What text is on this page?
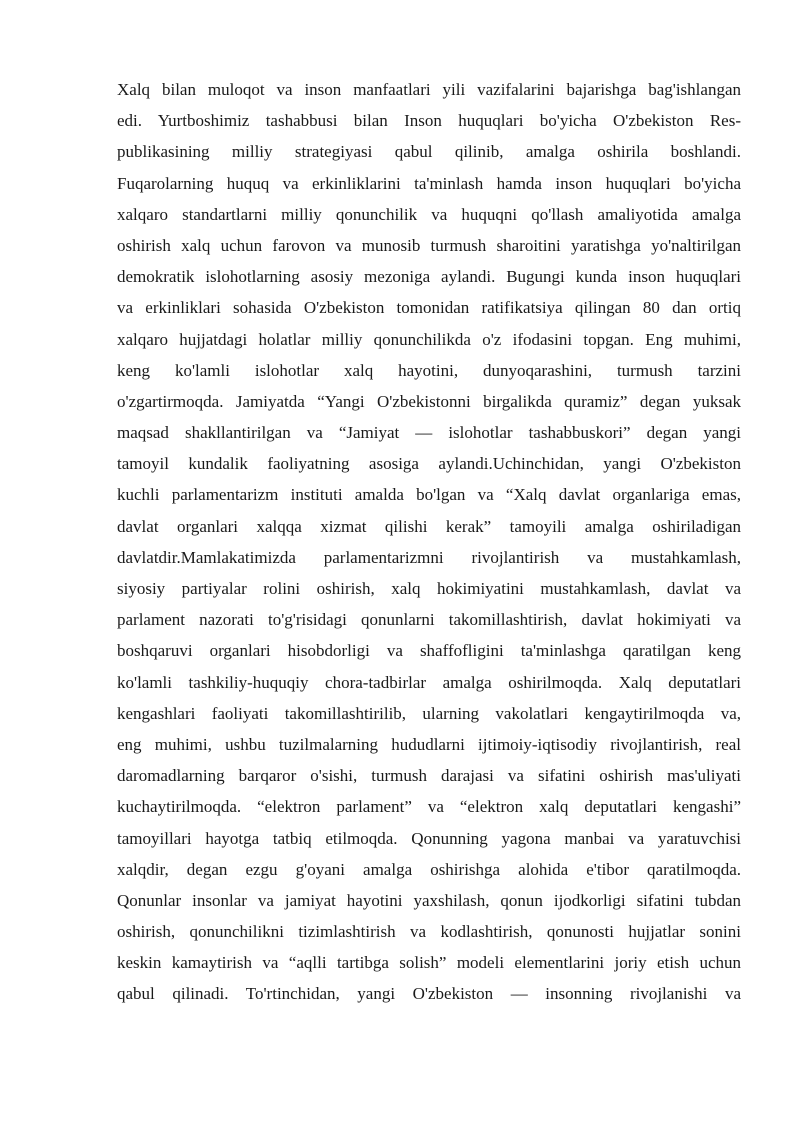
Xalq bilan muloqot va inson manfaatlari yili vazifalarini bajarishga bag'ishlangan
edi. Yurtboshimiz tashabbusi bilan Inson huquqlari bo'yicha O'zbekiston Res-
publikasining milliy strategiyasi qabul qilinib, amalga oshirila boshlandi.
Fuqarolarning huquq va erkinliklarini ta'minlash hamda inson huquqlari bo'yicha
xalqaro standartlarni milliy qonunchilik va huquqni qo'llash amaliyotida amalga
oshirish xalq uchun farovon va munosib turmush sharoitini yaratishga yo'naltirilgan
demokratik islohotlarning asosiy mezoniga aylandi. Bugungi kunda inson huquqlari
va erkinliklari sohasida O'zbekiston tomonidan ratifikatsiya qilingan 80 dan ortiq
xalqaro hujjatdagi holatlar milliy qonunchilikda o'z ifodasini topgan. Eng muhimi,
keng ko'lamli islohotlar xalq hayotini, dunyoqarashini, turmush tarzini
o'zgartirmoqda. Jamiyatda “Yangi O'zbekistonni birgalikda quramiz” degan yuksak
maqsad shakllantirilgan va “Jamiyat — islohotlar tashabbuskori” degan yangi
tamoyil kundalik faoliyatning asosiga aylandi.Uchinchidan, yangi O'zbekiston
kuchli parlamentarizm instituti amalda bo'lgan va “Xalq davlat organlariga emas,
davlat organlari xalqqa xizmat qilishi kerak” tamoyili amalga oshiriladigan
davlatdir.Mamlakatimizda parlamentarizmni rivojlantirish va mustahkamlash,
siyosiy partiyalar rolini oshirish, xalq hokimiyatini mustahkamlash, davlat va
parlament nazorati to'g'risidagi qonunlarni takomillashtirish, davlat hokimiyati va
boshqaruvi organlari hisobdorligi va shaffofligini ta'minlashga qaratilgan keng
ko'lamli tashkiliy-huquqiy chora-tadbirlar amalga oshirilmoqda. Xalq deputatlari
kengashlari faoliyati takomillashtirilib, ularning vakolatlari kengaytirilmoqda va,
eng muhimi, ushbu tuzilmalarning hududlarni ijtimoiy-iqtisodiy rivojlantirish, real
daromadlarning barqaror o'sishi, turmush darajasi va sifatini oshirish mas'uliyati
kuchaytirilmoqda. “elektron parlament” va “elektron xalq deputatlari kengashi”
tamoyillari hayotga tatbiq etilmoqda. Qonunning yagona manbai va yaratuvchisi
xalqdir, degan ezgu g'oyani amalga oshirishga alohida e'tibor qaratilmoqda.
Qonunlar insonlar va jamiyat hayotini yaxshilash, qonun ijodkorligi sifatini tubdan
oshirish, qonunchilikni tizimlashtirish va kodlashtirish, qonunosti hujjatlar sonini
keskin kamaytirish va “aqlli tartibga solish” modeli elementlarini joriy etish uchun
qabul qilinadi. To'rtinchidan, yangi O'zbekiston — insonning rivojlanishi va
